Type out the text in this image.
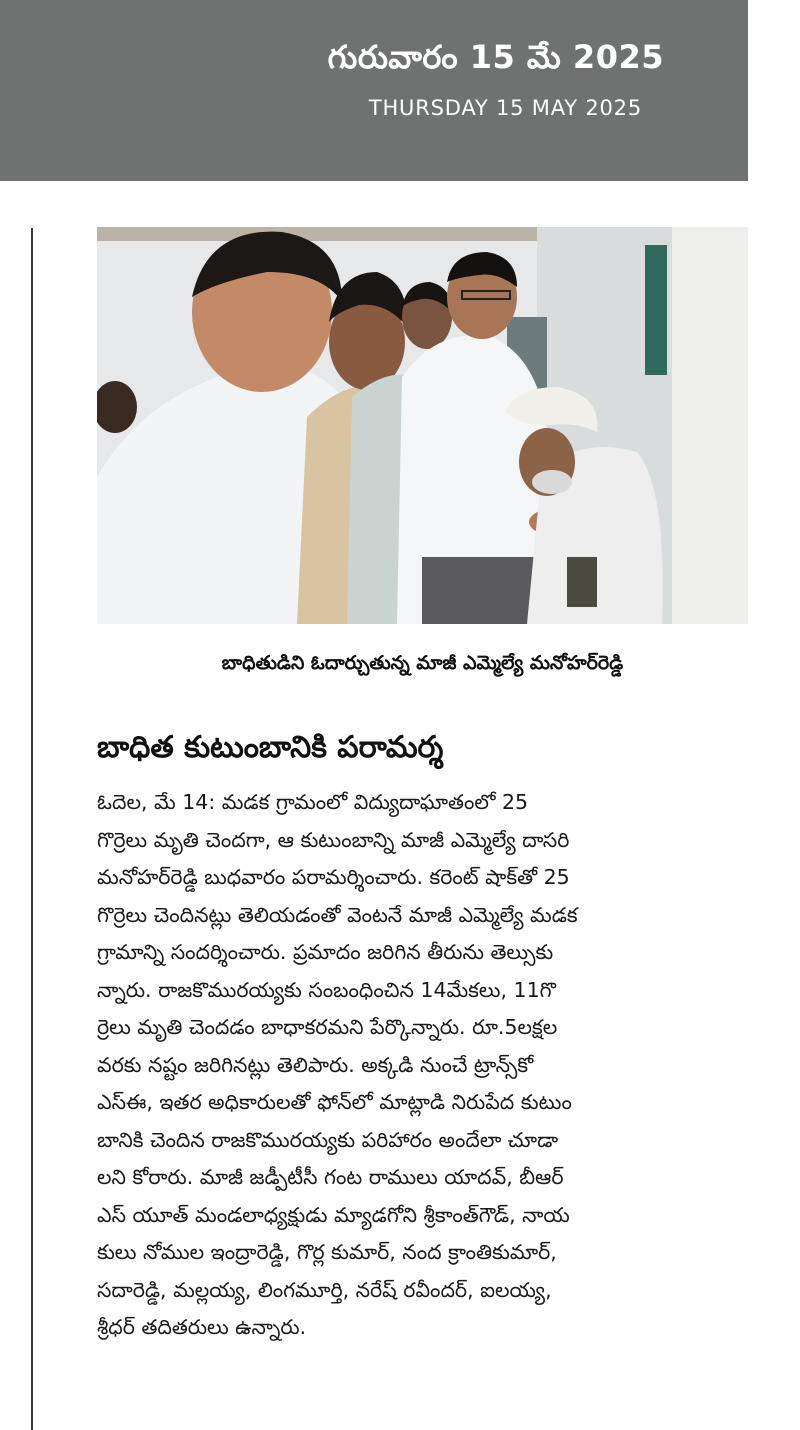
గురువారం 15 మే 2025
THURSDAY 15 MAY 2025
బాధితుడిని ఓదార్చుతున్న మాజీ ఎమ్మెల్యే మనోహర్‌రెడ్డి
బాధిత కుటుంబానికి పరామర్శ
ఓదెల, మే 14: మడక గ్రామంలో విద్యుదాఘాతంలో 25
గొర్రెలు మృతి చెందగా, ఆ కుటుంబాన్ని మాజీ ఎమ్మెల్యే దాసరి
మనోహర్‌రెడ్డి బుధవారం పరామర్శించారు. కరెంట్ షాక్‌తో 25
గొర్రెలు చెందినట్లు తెలియడంతో వెంటనే మాజీ ఎమ్మెల్యే మడక
గ్రామాన్ని సందర్శించారు. ప్రమాదం జరిగిన తీరును తెల్సుకు
న్నారు. రాజకొమురయ్యకు సంబంధించిన 14మేకలు, 11గొ
ర్రెలు మృతి చెందడం బాధాకరమని పేర్కొన్నారు. రూ.5లక్షల
వరకు నష్టం జరిగినట్లు తెలిపారు. అక్కడి నుంచే ట్రాన్స్‌కో
ఎస్‌ఈ, ఇతర అధికారులతో ఫోన్‌లో మాట్లాడి నిరుపేద కుటుం
బానికి చెందిన రాజకొమురయ్యకు పరిహారం అందేలా చూడా
లని కోరారు. మాజీ జడ్పీటీసీ గంట రాములు యాదవ్, బీఆర్
ఎస్ యూత్ మండలాధ్యక్షుడు మ్యాడగోని శ్రీకాంత్‌గౌడ్, నాయ
కులు నోముల ఇంద్రారెడ్డి, గొర్ల కుమార్, నంద క్రాంతికుమార్,
సదారెడ్డి, మల్లయ్య, లింగమూర్తి, నరేష్ రవీందర్, ఐలయ్య,
శ్రీధర్ తదితరులు ఉన్నారు.
